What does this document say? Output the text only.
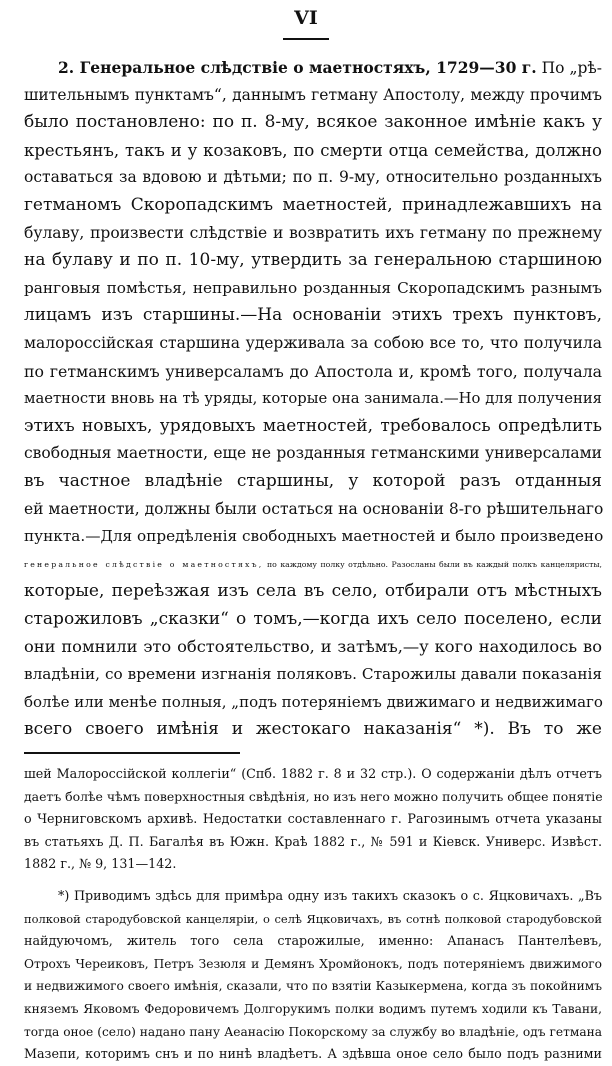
VI
2. Генеральное слѣдствіе о маетностяхъ, 1729—30 г. По „рѣ-
шительнымъ пунктамъ“, даннымъ гетману Апостолу, между прочимъ
было постановлено: по п. 8-му, всякое законное имѣніе какъ у
крестьянъ, такъ и у козаковъ, по смерти отца семейства, должно
оставаться за вдовою и дѣтьми; по п. 9-му, относительно розданныхъ
гетманомъ Скоропадскимъ маетностей, принадлежавшихъ на
булаву, произвести слѣдствіе и возвратить ихъ гетману по прежнему
на булаву и по п. 10-му, утвердить за генеральною старшиною
ранговыя помѣстья, неправильно розданныя Скоропадскимъ разнымъ
лицамъ изъ старшины.—На основаніи этихъ трехъ пунктовъ,
малороссійская старшина удерживала за собою все то, что получила
по гетманскимъ универсаламъ до Апостола и, кромѣ того, получала
маетности вновь на тѣ уряды, которые она занимала.—Но для получения
этихъ новыхъ, урядовыхъ маетностей, требовалось опредѣлить
свободныя маетности, еще не розданныя гетманскими универсалами
въ частное владѣніе старшины, у которой разъ отданныя
ей маетности, должны были остаться на основаніи 8-го рѣшительнаго
пункта.—Для опредѣленія свободныхъ маетностей и было произведено
генеральное слѣдствіе о маетностяхъ, по каждому полку отдѣльно. Разосланы были въ каждый полкъ канцеляристы,
которые, переѣзжая изъ села въ село, отбирали отъ мѣстныхъ
старожиловъ „сказки“ о томъ,—когда ихъ село поселено, если
они помнили это обстоятельство, и затѣмъ,—у кого находилось во
владѣніи, со времени изгнанія поляковъ. Старожилы давали показанія
болѣе или менѣе полныя, „подъ потеряніемъ движимаго и недвижимаго
всего своего имѣнія и жестокаго наказанія“ *). Въ то же
шей Малороссійской коллегіи“ (Спб. 1882 г. 8 и 32 стр.). О содержаніи дѣлъ отчетъ
даетъ болѣе чѣмъ поверхностныя свѣдѣнія, но изъ него можно получить общее понятіе
о Черниговскомъ архивѣ. Недостатки составленнаго г. Рагозинымъ отчета указаны
въ статьяхъ Д. П. Багалѣя въ Южн. Краѣ 1882 г., № 591 и Кіевск. Универс. Извѣст.
1882 г., № 9, 131—142.
*) Приводимъ здѣсь для примѣра одну изъ такихъ сказокъ о с. Яцковичахъ. „Въ
полковой стародубовской канцеляріи, о селѣ Яцковичахъ, въ сотнѣ полковой стародубовской
найдуючомъ, житель того села старожилые, именно: Апанасъ Пантелѣевъ,
Отрохъ Череиковъ, Петръ Зезюля и Демянъ Хромйонокъ, подъ потеряніемъ движимого
и недвижимого своего имѣнія, сказали, что по взятіи Казыкермена, когда зъ покойнимъ
княземъ Яковомъ Федоровичемъ Долгорукимъ полки водимъ путемъ ходили къ Тавани,
тогда оное (село) надано пану Аеанасію Покорскому за службу во владѣніе, одъ гетмана
Мазепи, которимъ снъ и по нинѣ владѣетъ. А здѣвша оное село было подъ разними
